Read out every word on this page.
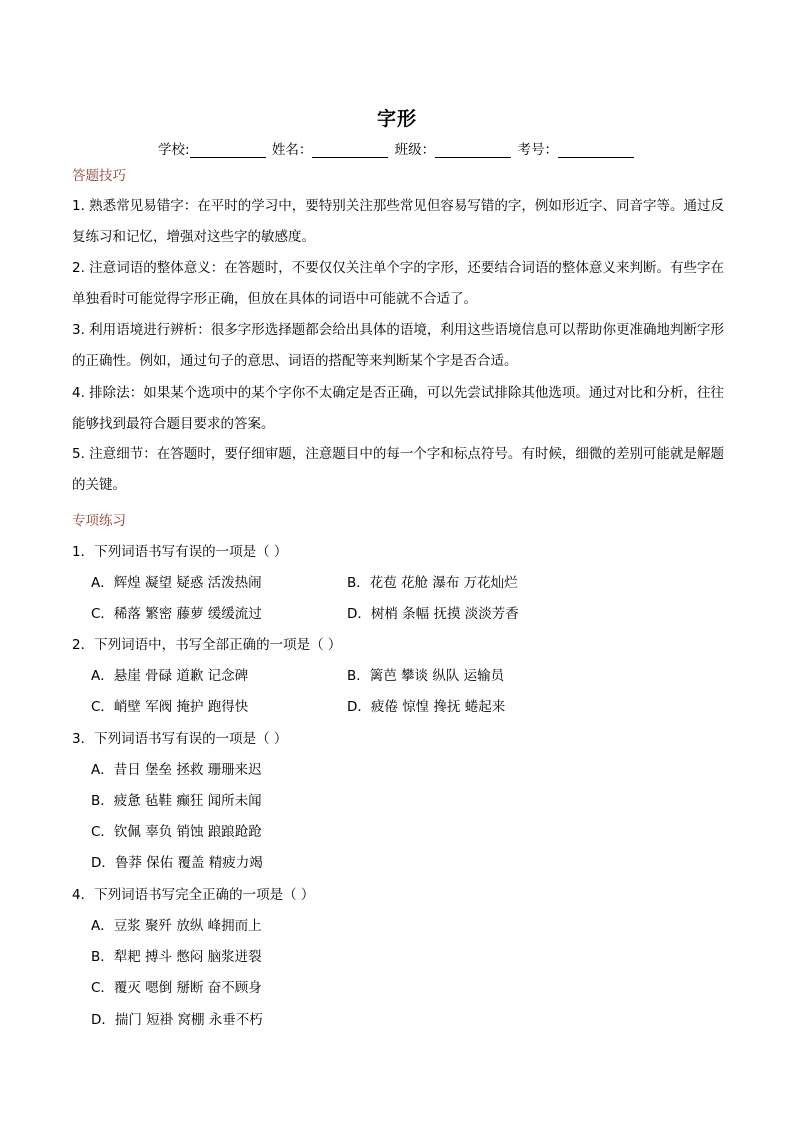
字形
学校:	姓名：	班级：	考号：
答题技巧
1. 熟悉常见易错字：在平时的学习中，要特别关注那些常见但容易写错的字，例如形近字、同音字等。通过反复练习和记忆，增强对这些字的敏感度。
2. 注意词语的整体意义：在答题时，不要仅仅关注单个字的字形，还要结合词语的整体意义来判断。有些字在单独看时可能觉得字形正确，但放在具体的词语中可能就不合适了。
3. 利用语境进行辨析：很多字形选择题都会给出具体的语境，利用这些语境信息可以帮助你更准确地判断字形的正确性。例如，通过句子的意思、词语的搭配等来判断某个字是否合适。
4. 排除法：如果某个选项中的某个字你不太确定是否正确，可以先尝试排除其他选项。通过对比和分析，往往能够找到最符合题目要求的答案。
5. 注意细节：在答题时，要仔细审题，注意题目中的每一个字和标点符号。有时候，细微的差别可能就是解题的关键。
专项练习
1．下列词语书写有误的一项是（ ）
A．辉煌 凝望 疑惑 活泼热闹	B．花苞 花舱 瀑布 万花灿烂
C．稀落 繁密 藤萝 缓缓流过	D．树梢 条幅 抚摸 淡淡芳香
2．下列词语中，书写全部正确的一项是（ ）
A．悬崖 骨碌 道歉 记念碑	B．篱芭 攀谈 纵队 运输员
C．峭壁 军阀 掩护 跑得快	D．疲倦 惊惶 搀抚 蜷起来
3．下列词语书写有误的一项是（ ）
A．昔日 堡垒 拯救 珊珊来迟
B．疲惫 毡鞋 癫狂 闻所未闻
C．钦佩 辜负 销蚀 踉踉跄跄
D．鲁莽 保佑 覆盖 精疲力竭
4．下列词语书写完全正确的一项是（ ）
A．豆浆 聚歼 放纵 峰拥而上
B．犁耙 搏斗 憋闷 脑浆迸裂
C．覆灭 嗯倒 掰断 奋不顾身
D．揣门 短褂 窝棚 永垂不朽
